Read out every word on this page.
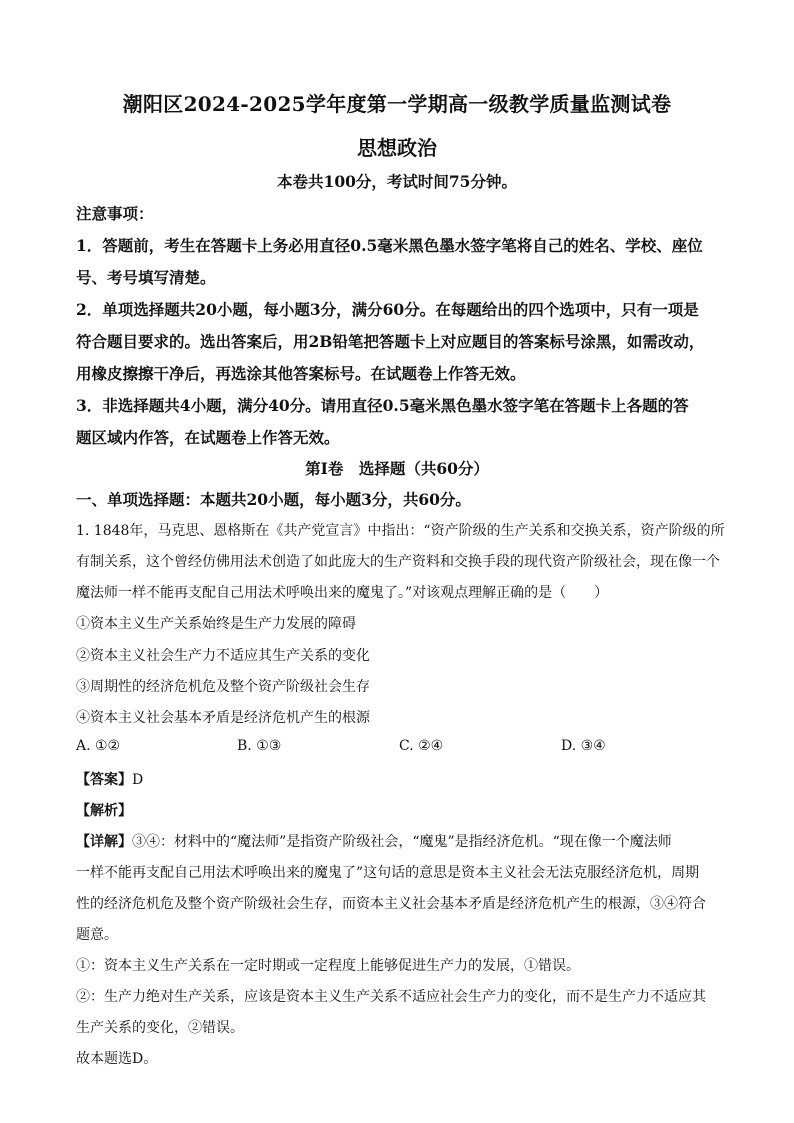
潮阳区2024-2025学年度第一学期高一级教学质量监测试卷
思想政治
本卷共100分，考试时间75分钟。
注意事项：
1．答题前，考生在答题卡上务必用直径0.5毫米黑色墨水签字笔将自己的姓名、学校、座位
号、考号填写清楚。
2．单项选择题共20小题，每小题3分，满分60分。在每题给出的四个选项中，只有一项是
符合题目要求的。选出答案后，用2B铅笔把答题卡上对应题目的答案标号涂黑，如需改动，
用橡皮擦擦干净后，再选涂其他答案标号。在试题卷上作答无效。
3．非选择题共4小题，满分40分。请用直径0.5毫米黑色墨水签字笔在答题卡上各题的答
题区域内作答，在试题卷上作答无效。
第Ⅰ卷　选择题（共60分）
一、单项选择题：本题共20小题，每小题3分，共60分。
1. 1848年，马克思、恩格斯在《共产党宣言》中指出：“资产阶级的生产关系和交换关系，资产阶级的所
有制关系，这个曾经仿佛用法术创造了如此庞大的生产资料和交换手段的现代资产阶级社会，现在像一个
魔法师一样不能再支配自己用法术呼唤出来的魔鬼了。”对该观点理解正确的是（　　）
①资本主义生产关系始终是生产力发展的障碍
②资本主义社会生产力不适应其生产关系的变化
③周期性的经济危机危及整个资产阶级社会生存
④资本主义社会基本矛盾是经济危机产生的根源
A. ①②	B. ①③	C. ②④	D. ③④
【答案】D
【解析】
【详解】③④：材料中的“魔法师”是指资产阶级社会，“魔鬼”是指经济危机。“现在像一个魔法师
一样不能再支配自己用法术呼唤出来的魔鬼了”这句话的意思是资本主义社会无法克服经济危机，周期
性的经济危机危及整个资产阶级社会生存，而资本主义社会基本矛盾是经济危机产生的根源，③④符合
题意。
①：资本主义生产关系在一定时期或一定程度上能够促进生产力的发展，①错误。
②：生产力绝对生产关系，应该是资本主义生产关系不适应社会生产力的变化，而不是生产力不适应其
生产关系的变化，②错误。
故本题选D。
